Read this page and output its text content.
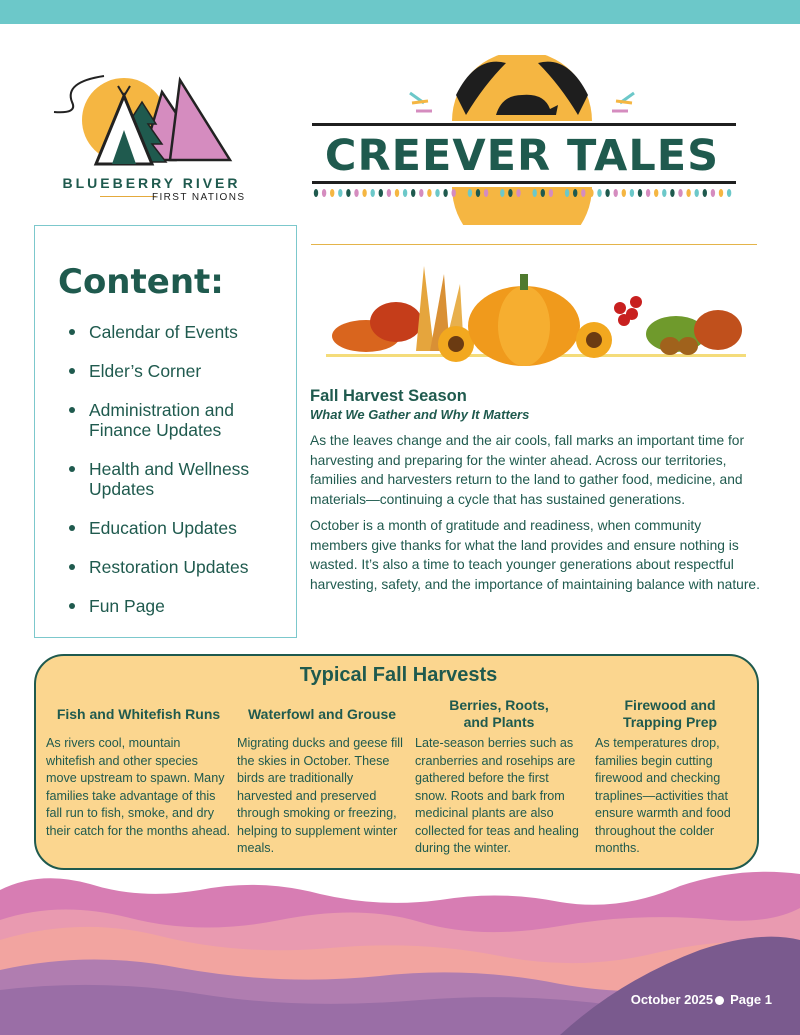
BLUEBERRY RIVER
FIRST NATIONS
CREEVER TALES
Content:
Calendar of Events
Elder’s Corner
Administration and Finance Updates
Health and Wellness Updates
Education Updates
Restoration Updates
Fun Page
Fall Harvest Season
What We Gather and Why It Matters

As the leaves change and the air cools, fall marks an important time for harvesting and preparing for the winter ahead. Across our territories, families and harvesters return to the land to gather food, medicine, and materials—continuing a cycle that has sustained generations.

October is a month of gratitude and readiness, when community members give thanks for what the land provides and ensure nothing is wasted. It’s also a time to teach younger generations about respectful harvesting, safety, and the importance of maintaining balance with nature.

Typical Fall Harvests
Fish and Whitefish Runs
As rivers cool, mountain whitefish and other species move upstream to spawn. Many families take advantage of this fall run to fish, smoke, and dry their catch for the months ahead.
Waterfowl and Grouse
Migrating ducks and geese fill the skies in October. These birds are traditionally harvested and preserved through smoking or freezing, helping to supplement winter meals.
Berries, Roots, and Plants
Late-season berries such as cranberries and rosehips are gathered before the first snow. Roots and bark from medicinal plants are also collected for teas and healing during the winter.
Firewood and Trapping Prep
As temperatures drop, families begin cutting firewood and checking traplines—activities that ensure warmth and food throughout the colder months.
October 2025 Page 1
